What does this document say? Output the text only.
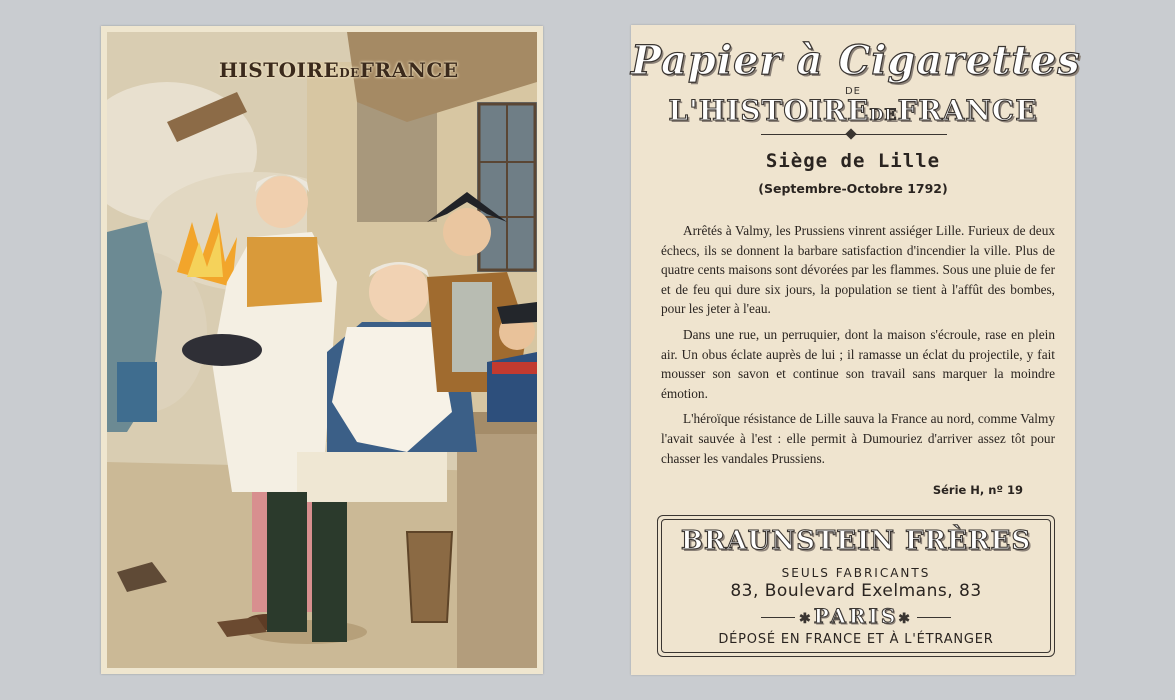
HISTOIREDEFRANCE	Papier à Cigarettes
DE
L'HISTOIREDEFRANCE
Siège de Lille
(Septembre-Octobre 1792)

Arrêtés à Valmy, les Prussiens vinrent assiéger Lille. Furieux de deux échecs, ils se donnent la barbare satisfaction d'incendier la ville. Plus de quatre cents maisons sont dévorées par les flammes. Sous une pluie de fer et de feu qui dure six jours, la population se tient à l'affût des bombes, pour les jeter à l'eau.

Dans une rue, un perruquier, dont la maison s'écroule, rase en plein air. Un obus éclate auprès de lui ; il ramasse un éclat du projectile, y fait mousser son savon et continue son travail sans marquer la moindre émotion.

L'héroïque résistance de Lille sauva la France au nord, comme Valmy l'avait sauvée à l'est : elle permit à Dumouriez d'arriver assez tôt pour chasser les vandales Prussiens.

Série H, nº 19
BRAUNSTEIN FRÈRES
SEULS FABRICANTS
83, Boulevard Exelmans, 83
✱PARIS✱
DÉPOSÉ EN FRANCE ET À L'ÉTRANGER
